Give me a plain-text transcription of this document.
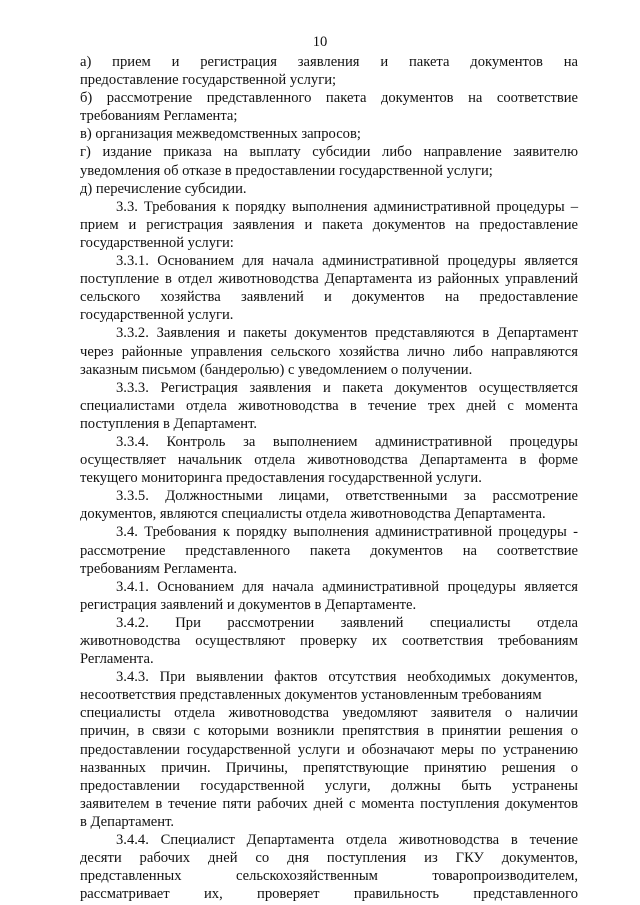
10
а) прием и регистрация заявления и пакета документов на
предоставление государственной услуги;
б) рассмотрение представленного пакета документов на соответствие
требованиям Регламента;
в) организация межведомственных запросов;
г) издание приказа на выплату субсидии либо направление заявителю
уведомления об отказе в предоставлении государственной услуги;
д) перечисление субсидии.
3.3. Требования к порядку выполнения административной процедуры –
прием и регистрация заявления и пакета документов на предоставление
государственной услуги:
3.3.1. Основанием для начала административной процедуры является
поступление в отдел животноводства Департамента из районных управлений
сельского хозяйства заявлений и документов на предоставление
государственной услуги.
3.3.2. Заявления и пакеты документов представляются в Департамент
через районные управления сельского хозяйства лично либо направляются
заказным письмом (бандеролью) с уведомлением о получении.
3.3.3. Регистрация заявления и пакета документов осуществляется
специалистами отдела животноводства в течение трех дней с момента
поступления в Департамент.
3.3.4. Контроль за выполнением административной процедуры
осуществляет начальник отдела животноводства Департамента в форме
текущего мониторинга предоставления государственной услуги.
3.3.5. Должностными лицами, ответственными за рассмотрение
документов, являются специалисты отдела животноводства Департамента.
3.4. Требования к порядку выполнения административной процедуры -
рассмотрение представленного пакета документов на соответствие
требованиям Регламента.
3.4.1. Основанием для начала административной процедуры является
регистрация заявлений и документов в Департаменте.
3.4.2. При рассмотрении заявлений специалисты отдела
животноводства осуществляют проверку их соответствия требованиям
Регламента.
3.4.3. При выявлении фактов отсутствия необходимых документов,
несоответствия представленных документов установленным требованиям
специалисты отдела животноводства уведомляют заявителя о наличии
причин, в связи с которыми возникли препятствия в принятии решения о
предоставлении государственной услуги и обозначают меры по устранению
названных причин. Причины, препятствующие принятию решения о
предоставлении государственной услуги, должны быть устранены
заявителем в течение пяти рабочих дней с момента поступления документов
в Департамент.
3.4.4. Специалист Департамента отдела животноводства в течение
десяти рабочих дней со дня поступления из ГКУ документов,
представленных сельскохозяйственным товаропроизводителем,
рассматривает их, проверяет правильность представленного
